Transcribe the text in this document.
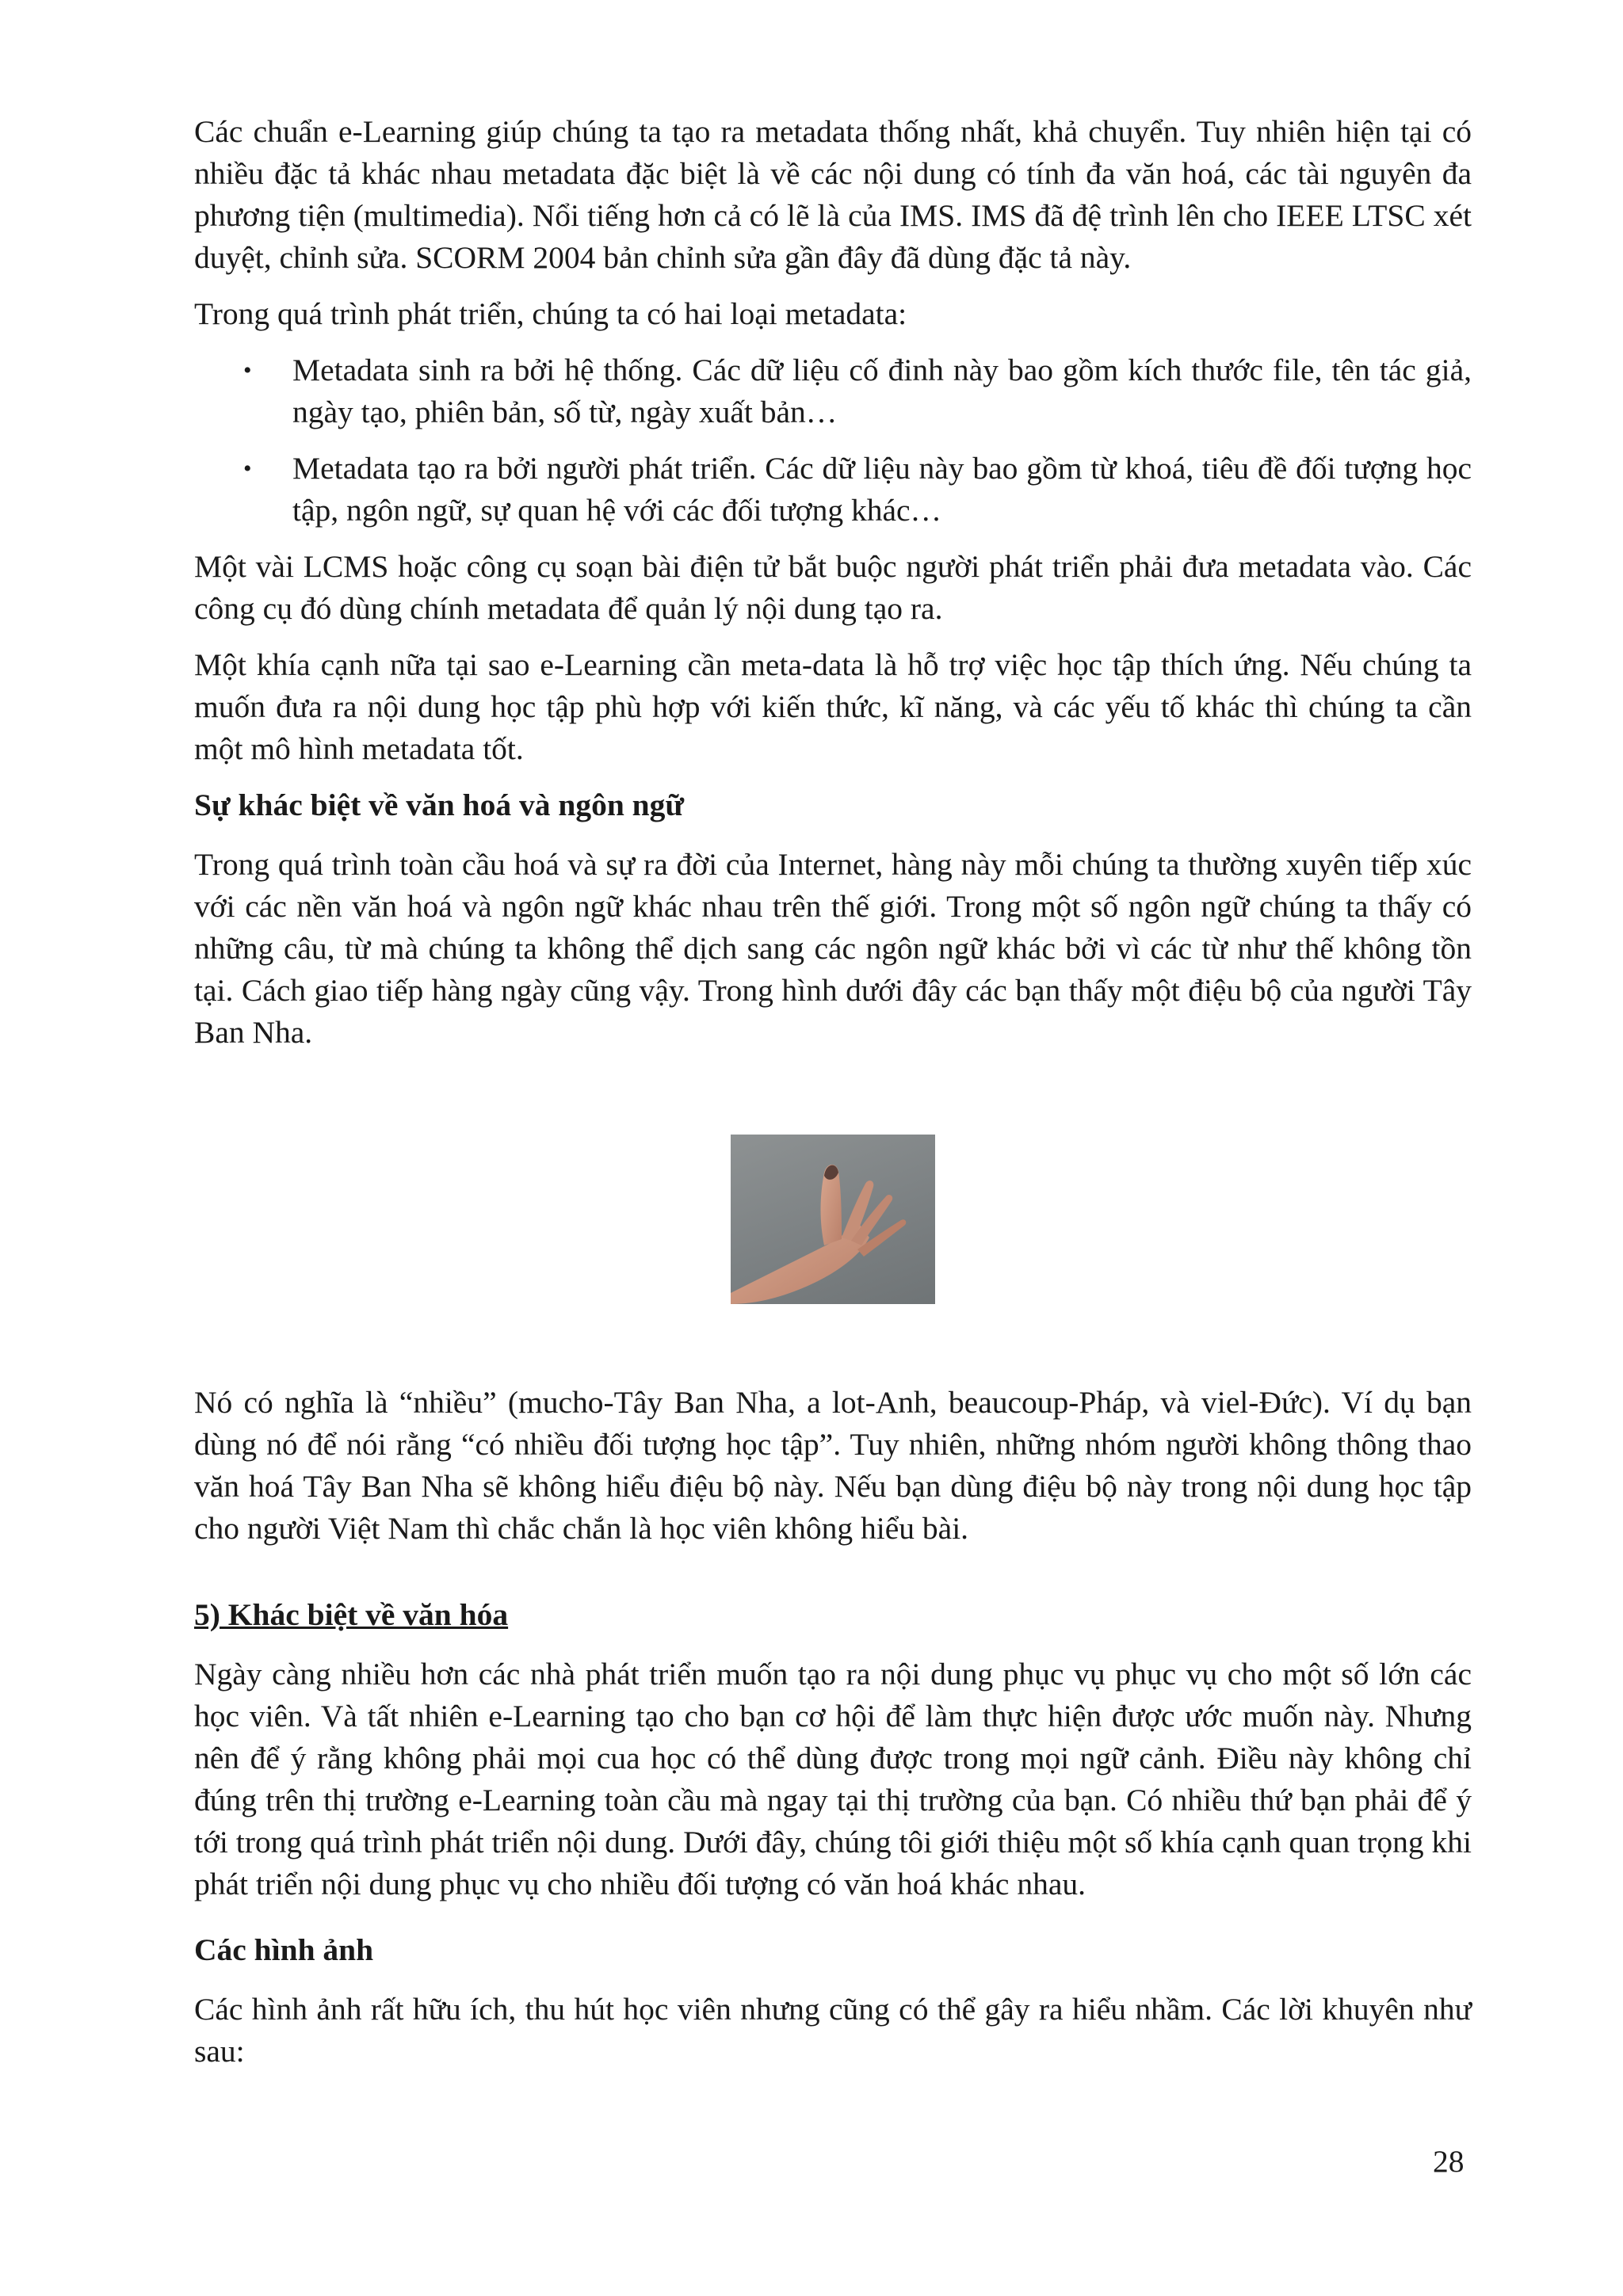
Các chuẩn e-Learning giúp chúng ta tạo ra metadata thống nhất, khả chuyển. Tuy nhiên hiện tại có nhiều đặc tả khác nhau metadata đặc biệt là về các nội dung có tính đa văn hoá, các tài nguyên đa phương tiện (multimedia). Nổi tiếng hơn cả có lẽ là của IMS. IMS đã đệ trình lên cho IEEE LTSC xét duyệt, chỉnh sửa. SCORM 2004 bản chỉnh sửa gần đây đã dùng đặc tả này.

Trong quá trình phát triển, chúng ta có hai loại metadata:

• Metadata sinh ra bởi hệ thống. Các dữ liệu cố đinh này bao gồm kích thước file, tên tác giả, ngày tạo, phiên bản, số từ, ngày xuất bản…
• Metadata tạo ra bởi người phát triển. Các dữ liệu này bao gồm từ khoá, tiêu đề đối tượng học tập, ngôn ngữ, sự quan hệ với các đối tượng khác…

Một vài LCMS hoặc công cụ soạn bài điện tử bắt buộc người phát triển phải đưa metadata vào. Các công cụ đó dùng chính metadata để quản lý nội dung tạo ra.

Một khía cạnh nữa tại sao e-Learning cần meta-data là hỗ trợ việc học tập thích ứng. Nếu chúng ta muốn đưa ra nội dung học tập phù hợp với kiến thức, kĩ năng, và các yếu tố khác thì chúng ta cần một mô hình metadata tốt.

Sự khác biệt về văn hoá và ngôn ngữ

Trong quá trình toàn cầu hoá và sự ra đời của Internet, hàng này mỗi chúng ta thường xuyên tiếp xúc với các nền văn hoá và ngôn ngữ khác nhau trên thế giới. Trong một số ngôn ngữ chúng ta thấy có những câu, từ mà chúng ta không thể dịch sang các ngôn ngữ khác bởi vì các từ như thế không tồn tại. Cách giao tiếp hàng ngày cũng vậy. Trong hình dưới đây các bạn thấy một điệu bộ của người Tây Ban Nha.

Nó có nghĩa là “nhiều” (mucho-Tây Ban Nha, a lot-Anh, beaucoup-Pháp, và viel-Đức). Ví dụ bạn dùng nó để nói rằng “có nhiều đối tượng học tập”. Tuy nhiên, những nhóm người không thông thao văn hoá Tây Ban Nha sẽ không hiểu điệu bộ này. Nếu bạn dùng điệu bộ này trong nội dung học tập cho người Việt Nam thì chắc chắn là học viên không hiểu bài.

5) Khác biệt về văn hóa

Ngày càng nhiều hơn các nhà phát triển muốn tạo ra nội dung phục vụ phục vụ cho một số lớn các học viên. Và tất nhiên e-Learning tạo cho bạn cơ hội để làm thực hiện được ước muốn này. Nhưng nên để ý rằng không phải mọi cua học có thể dùng được trong mọi ngữ cảnh. Điều này không chỉ đúng trên thị trường e-Learning toàn cầu mà ngay tại thị trường của bạn. Có nhiều thứ bạn phải để ý tới trong quá trình phát triển nội dung. Dưới đây, chúng tôi giới thiệu một số khía cạnh quan trọng khi phát triển nội dung phục vụ cho nhiều đối tượng có văn hoá khác nhau.

Các hình ảnh

Các hình ảnh rất hữu ích, thu hút học viên nhưng cũng có thể gây ra hiểu nhầm. Các lời khuyên như sau:

28
